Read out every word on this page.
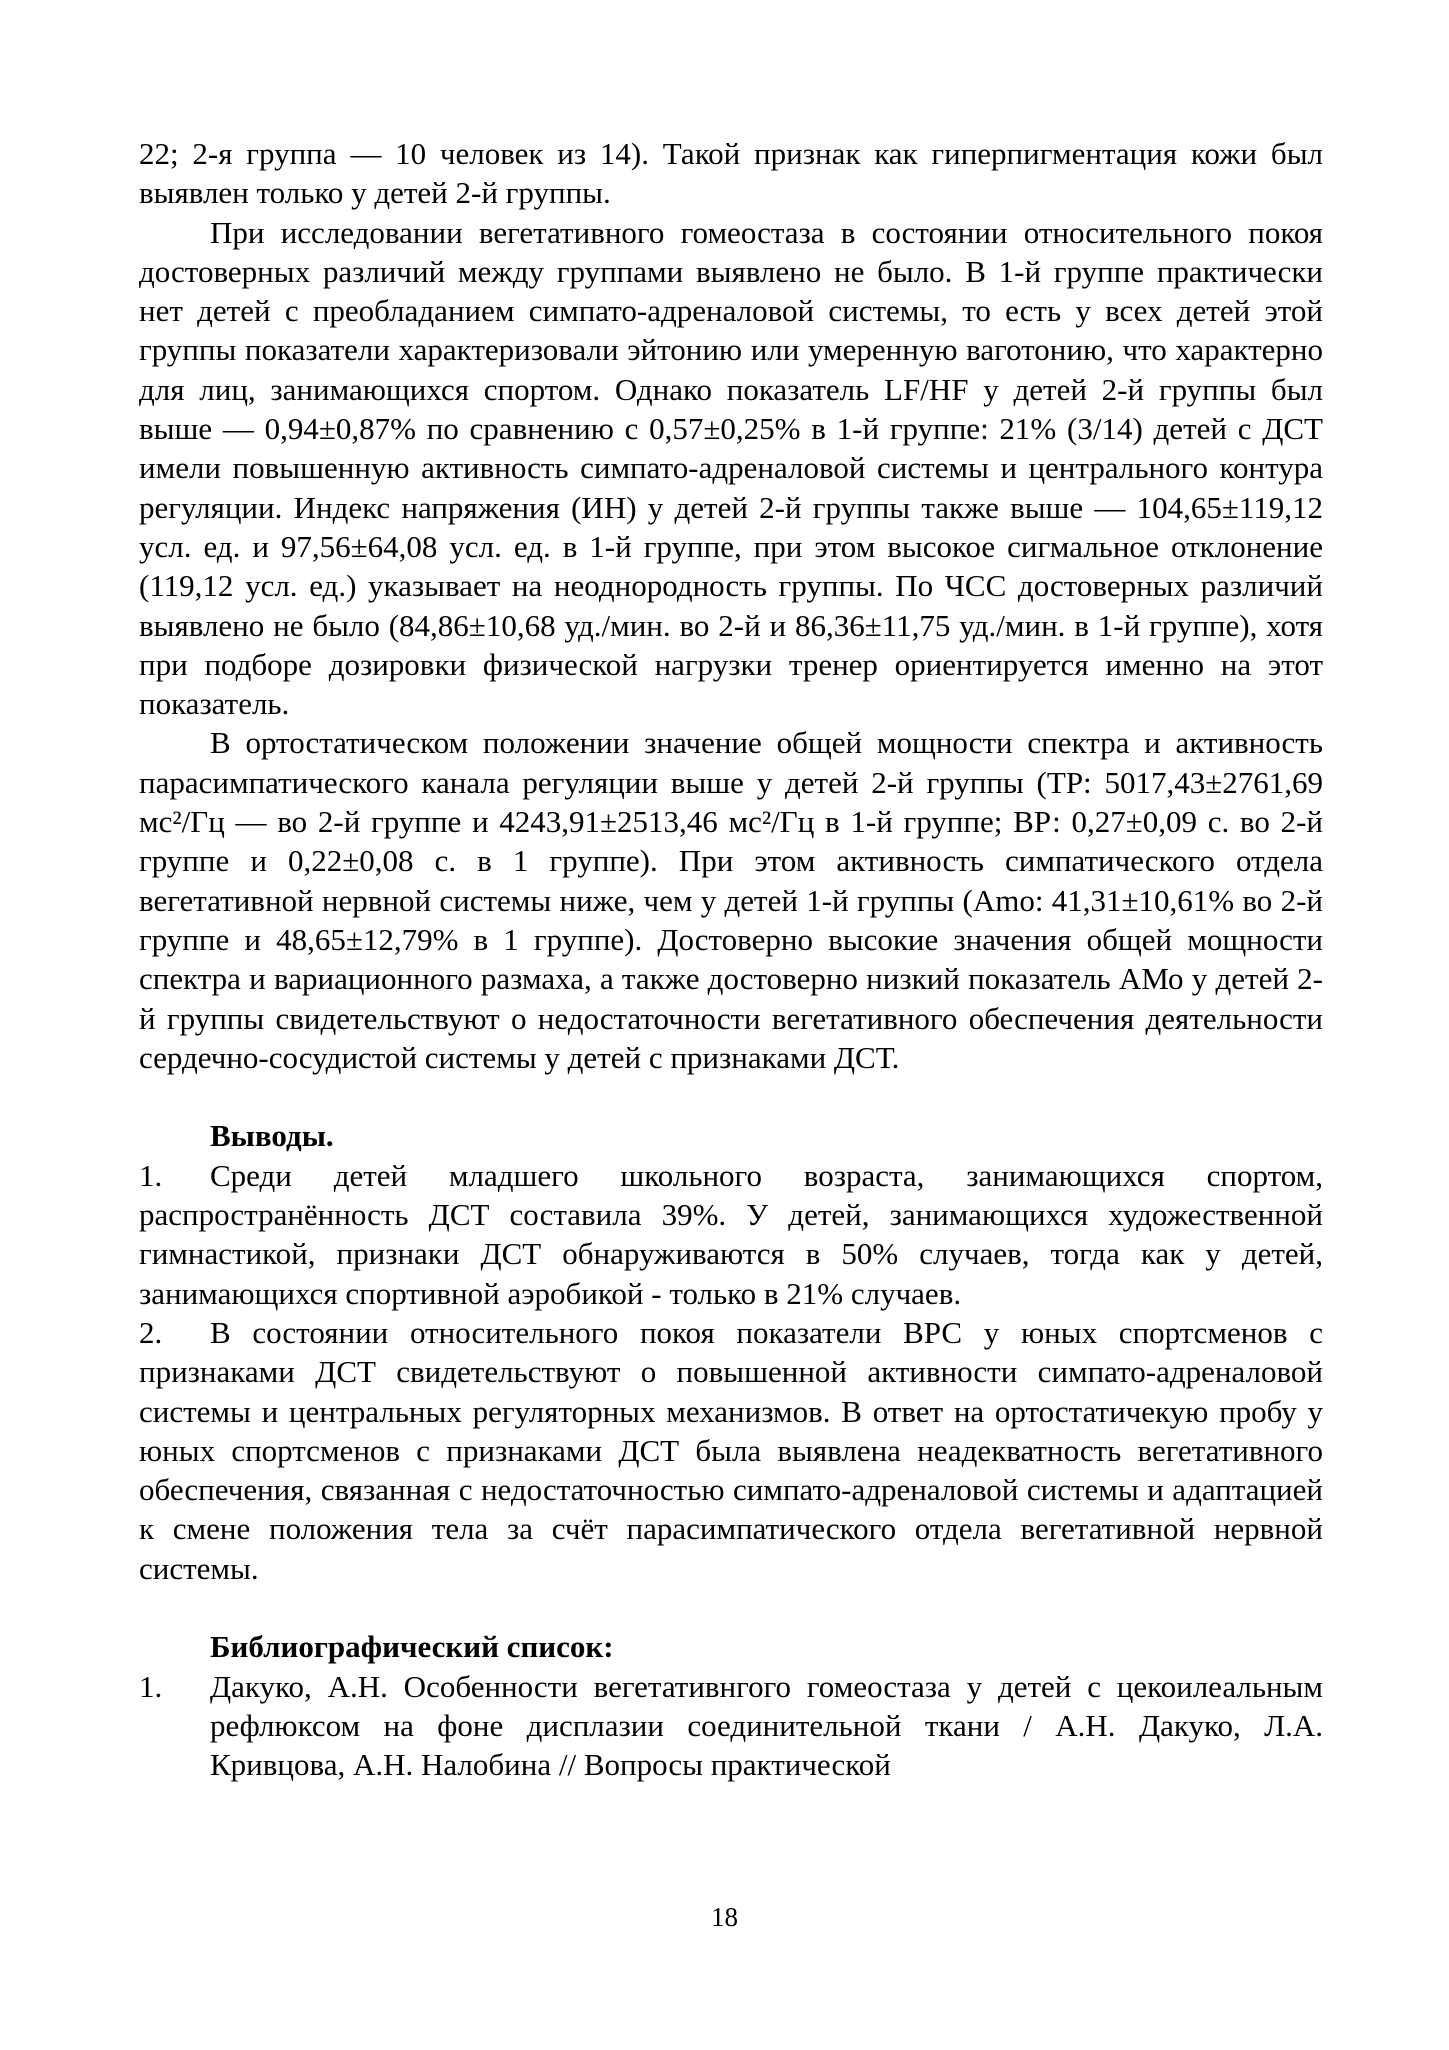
22; 2-я группа — 10 человек из 14). Такой признак как гиперпигментация кожи был выявлен только у детей 2-й группы.

При исследовании вегетативного гомеостаза в состоянии относительного покоя достоверных различий между группами выявлено не было. В 1-й группе практически нет детей с преобладанием симпато-адреналовой системы, то есть у всех детей этой группы показатели характеризовали эйтонию или умеренную ваготонию, что характерно для лиц, занимающихся спортом. Однако показатель LF/HF у детей 2-й группы был выше — 0,94±0,87% по сравнению с 0,57±0,25% в 1-й группе: 21% (3/14) детей с ДСТ имели повышенную активность симпато-адреналовой системы и центрального контура регуляции. Индекс напряжения (ИН) у детей 2-й группы также выше — 104,65±119,12 усл. ед. и 97,56±64,08 усл. ед. в 1-й группе, при этом высокое сигмальное отклонение (119,12 усл. ед.) указывает на неоднородность группы. По ЧСС достоверных различий выявлено не было (84,86±10,68 уд./мин. во 2-й и 86,36±11,75 уд./мин. в 1-й группе), хотя при подборе дозировки физической нагрузки тренер ориентируется именно на этот показатель.

В ортостатическом положении значение общей мощности спектра и активность парасимпатического канала регуляции выше у детей 2-й группы (TP: 5017,43±2761,69 мс²/Гц — во 2-й группе и 4243,91±2513,46 мс²/Гц в 1-й группе; ВР: 0,27±0,09 с. во 2-й группе и 0,22±0,08 с. в 1 группе). При этом активность симпатического отдела вегетативной нервной системы ниже, чем у детей 1-й группы (Amo: 41,31±10,61% во 2-й группе и 48,65±12,79% в 1 группе). Достоверно высокие значения общей мощности спектра и вариационного размаха, а также достоверно низкий показатель АМо у детей 2-й группы свидетельствуют о недостаточности вегетативного обеспечения деятельности сердечно-сосудистой системы у детей с признаками ДСТ.

Выводы.

1.	Среди детей младшего школьного возраста, занимающихся спортом, распространённость ДСТ составила 39%. У детей, занимающихся художественной гимнастикой, признаки ДСТ обнаруживаются в 50% случаев, тогда как у детей, занимающихся спортивной аэробикой - только в 21% случаев.

2.	В состоянии относительного покоя показатели ВРС у юных спортсменов с признаками ДСТ свидетельствуют о повышенной активности симпато-адреналовой системы и центральных регуляторных механизмов. В ответ на ортостатичекую пробу у юных спортсменов с признаками ДСТ была выявлена неадекватность вегетативного обеспечения, связанная с недостаточностью симпато-адреналовой системы и адаптацией к смене положения тела за счёт парасимпатического отдела вегетативной нервной системы.

Библиографический список:

1. Дакуко, А.Н. Особенности вегетативнгого гомеостаза у детей с цекоилеальным рефлюксом на фоне дисплазии соединительной ткани / А.Н. Дакуко, Л.А. Кривцова, А.Н. Налобина // Вопросы практической

18
